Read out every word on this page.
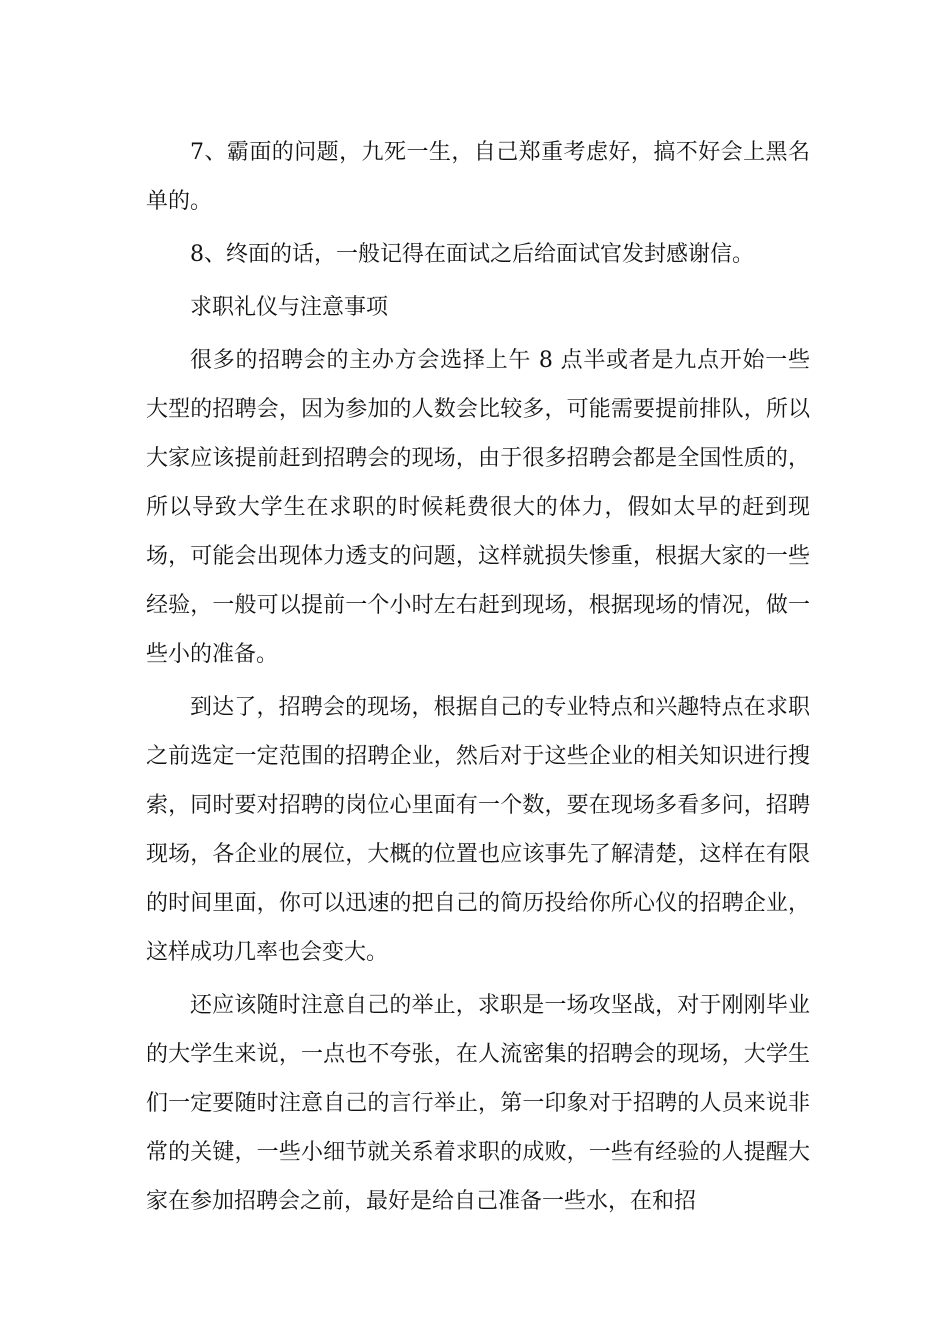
7、霸面的问题，九死一生，自己郑重考虑好，搞不好会上黑名单的。

8、终面的话，一般记得在面试之后给面试官发封感谢信。

求职礼仪与注意事项

很多的招聘会的主办方会选择上午 8 点半或者是九点开始一些大型的招聘会，因为参加的人数会比较多，可能需要提前排队，所以大家应该提前赶到招聘会的现场，由于很多招聘会都是全国性质的，所以导致大学生在求职的时候耗费很大的体力，假如太早的赶到现场，可能会出现体力透支的问题，这样就损失惨重，根据大家的一些经验，一般可以提前一个小时左右赶到现场，根据现场的情况，做一些小的准备。

到达了，招聘会的现场，根据自己的专业特点和兴趣特点在求职之前选定一定范围的招聘企业，然后对于这些企业的相关知识进行搜索，同时要对招聘的岗位心里面有一个数，要在现场多看多问，招聘现场，各企业的展位，大概的位置也应该事先了解清楚，这样在有限的时间里面，你可以迅速的把自己的简历投给你所心仪的招聘企业，这样成功几率也会变大。

还应该随时注意自己的举止，求职是一场攻坚战，对于刚刚毕业的大学生来说，一点也不夸张，在人流密集的招聘会的现场，大学生们一定要随时注意自己的言行举止，第一印象对于招聘的人员来说非常的关键，一些小细节就关系着求职的成败，一些有经验的人提醒大家在参加招聘会之前，最好是给自己准备一些水，在和招
